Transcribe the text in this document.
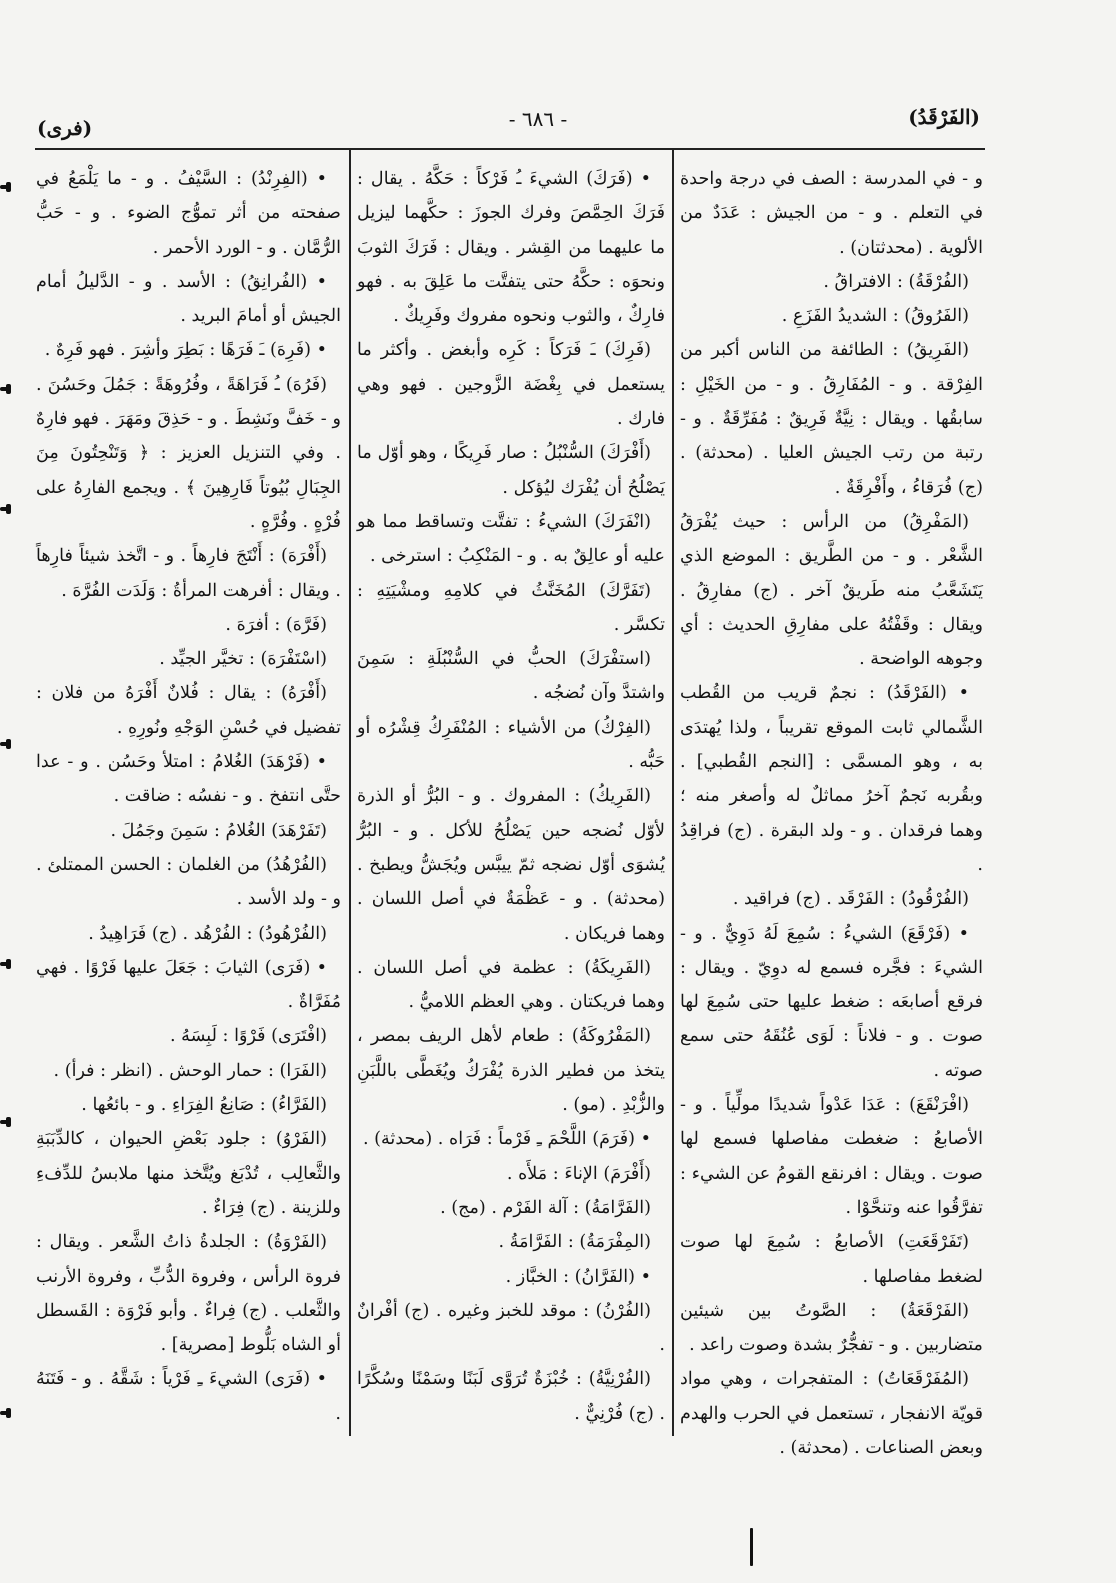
(الفَرْقَدُ)
- ٦٨٦ -
(فرى)

و - في المدرسة : الصف في درجة واحدة في التعلم . و - من الجيش : عَدَدٌ من الألوية . (محدثتان) .

(الفُرْقَةُ) : الافتراقُ .

(الفَرُوقُ) : الشديدُ الفَزَعِ .

(الفَرِيقُ) : الطائفة من الناس أكبر من الفِرْقة . و - المُفَارِقُ . و - من الخَيْلِ : سابقُها . ويقال : نِيَّةٌ فَرِيقٌ : مُفَرِّقَةٌ . و - رتبة من رتب الجيش العليا . (محدثة) . (ج) فُرَقاءُ ، وأَفْرِقَةٌ .

(المَفْرِقُ) من الرأس : حيث يُفْرَقُ الشَّعْر . و - من الطَّريق : الموضع الذي يَتَشَعَّبُ منه طَريقٌ آخر . (ج) مفارِقُ . ويقال : وقَفْتُهُ على مفارِقِ الحديث : أي وجوهه الواضحة .

• (الفَرْقَدُ) : نجمٌ قريب من القُطب الشَّمالي ثابت الموقع تقريباً ، ولذا يُهتدَى به ، وهو المسمَّى : [النجم القُطبي] . وبقُربه نَجمٌ آخرُ مماثلٌ له وأصغر منه ؛ وهما فرقدان . و - ولد البقرة . (ج) فراقِدُ .

(الفُرْقُودُ) : الفَرْقَد . (ج) فراقيد .

• (فَرْقَعَ) الشيءُ : سُمِعَ لَهُ دَوِيٌّ . و - الشيءَ : فجَّره فسمع له دوِيّ . ويقال : فرقع أصابعَه : ضغط عليها حتى سُمِعَ لها صوت . و - فلاناً : لَوَى عُنُقَهُ حتى سمع صوته .

(افْرَنْقَعَ) : عَدَا عَدْواً شديدًا مولِّياً . و - الأصابعُ : ضغطت مفاصلها فسمع لها صوت . ويقال : افرنقع القومُ عن الشيء : تفرَّقُوا عنه وتنحَّوْا .

(تَفَرْقَعَتِ) الأصابعُ : سُمِعَ لها صوت لضغط مفاصلها .

(الفَرْقَعَةُ) : الصَّوتُ بين شيئين متضاربين . و - تفجُّرٌ بشدة وصوت راعد .

(المُفَرْقَعَاتُ) : المتفجرات ، وهي مواد قويّة الانفجار ، تستعمل في الحرب والهدم وبعض الصناعات . (محدثة) .

• (فَرَكَ) الشيءَ ـُ فَرْكاً : حَكَّهُ . يقال : فَرَكَ الحِمَّصَ وفرك الجوزَ : حكَّهما ليزيل ما عليهما من القِشر . ويقال : فَرَكَ الثوبَ ونحوَه : حكَّهُ حتى يتفتَّت ما عَلِقَ به . فهو فارِكٌ ، والثوب ونحوه مفروك وفَرِيكٌ .

(فَرِكَ) ـَ فَرَكاً : كَرِه وأبغض . وأكثر ما يستعمل في بِغْضَة الزَّوجين . فهو وهي فارك .

(أَفْرَكَ) السُّنْبُلُ : صار فَرِيكًا ، وهو أوّل ما يَصْلُحُ أن يُفْرَك ليُؤكل .

(انْفَرَكَ) الشيءُ : تفتَّت وتساقط مما هو عليه أو عالِقٌ به . و - المَنْكِبُ : استرخى .

(تَفَرَّكَ) المُخَنَّثُ في كلامِهِ ومشْيَتِهِ : تكسَّر .

(استفْرَكَ) الحبُّ في السُّنْبُلَةِ : سَمِنَ واشتدَّ وآن نُضجُه .

(الفِرْكُ) من الأشياء : المُنْفَرِكُ قِشْرُه أو حَبُّه .

(الفَرِيكُ) : المفروك . و - البُرُّ أو الذرة لأوّل نُضجه حين يَصْلُحُ للأكل . و - البُرُّ يُشوَى أوّل نضجه ثمّ ييبَّس ويُجَشُّ ويطبخ . (محدثة) . و - عَظْمَةٌ في أصل اللسان . وهما فريكان .

(الفَرِيكَةُ) : عظمة في أصل اللسان . وهما فريكتان . وهي العظم اللاميُّ .

(المَفْرُوكَةُ) : طعام لأهل الريف بمصر ، يتخذ من فطير الذرة يُفْرَكُ ويُغَطَّى باللَّبَنِ والزُّبْدِ . (مو) .

• (فَرَمَ) اللَّحْمَ ـِ فَرْماً : فَرَاه . (محدثة) .

(أَفْرَمَ) الإناءَ : مَلأَه .

(الفَرَّامَةُ) : آلة الفَرْم . (مج) .

(المِفْرَمَةُ) : الفَرَّامَةُ .

• (الفَرَّانُ) : الخبَّاز .

(الفُرْنُ) : موقد للخبز وغيره . (ج) أفْرانٌ .

(الفُرْنِيَّةُ) : خُبْزَةٌ تُرَوَّى لَبَنًا وسَمْنًا وسُكَّرًا . (ج) فُرْنِيٌّ .

• (الفِرِنْدُ) : السَّيْفُ . و - ما يَلْمَعُ في صفحته من أثر تموُّج الضوء . و - حَبُّ الرُّمَّان . و - الورد الأحمر .

• (الفُرانِقُ) : الأسد . و - الدَّليلُ أمام الجيش أو أمامَ البريد .

• (فَرِهَ) ـَ فَرَهًا : بَطِرَ وأشِرَ . فهو فَرِهٌ .

(فَرُهَ) ـُ فَرَاهَةً ، وفُرُوهَةً : جَمُلَ وحَسُنَ . و - خَفَّ ونَشِطَ . و - حَذِقَ ومَهَرَ . فهو فارِهٌ . وفي التنزيل العزيز : ﴿ وَتَنْحِتُونَ مِنَ الجِبَالِ بُيُوتاً فَارِهِينَ ﴾ . ويجمع الفارِهُ على فُرْهٍ . وفُرَّهٍ .

(أَفْرَهَ) : أَنْتَجَ فارِهاً . و - اتَّخذ شيئاً فارِهاً . ويقال : أفرهت المرأةُ : وَلَدَت الفُرَّهَ .

(فَرَّهَ) : أفرَهَ .

(اسْتَفْرَهَ) : تخيَّر الجيِّد .

(أَفْرَهُ) : يقال : فُلانٌ أَفْرَهُ من فلان : تفضيل في حُسْنِ الوَجْهِ ونُورِهِ .

• (فَرْهَدَ) الغُلامُ : امتلأ وحَسُن . و - عدا حتَّى انتفخ . و - نفسُه : ضاقت .

(تَفَرْهَدَ) الغُلامُ : سَمِنَ وجَمُلَ .

(الفُرْهُدُ) من الغلمان : الحسن الممتلئ . و - ولد الأسد .

(الفُرْهُودُ) : الفُرْهُد . (ج) فَرَاهِيدُ .

• (فَرَى) الثيابَ : جَعَلَ عليها فَرْوًا . فهي مُفَرَّاةٌ .

(افْتَرَى) فَرْوًا : لَبِسَهُ .

(الفَرَا) : حمار الوحش . (انظر : فرأ) .

(الفَرَّاءُ) : صَانِعُ الفِرَاءِ . و - بائعُها .

(الفَرْوُ) : جلود بَعْضِ الحيوان ، كالدِّبَبَةِ والثَّعالِب ، تُدْبَغ ويُتَّخذ منها ملابسُ للدِّفءِ وللزينة . (ج) فِرَاءٌ .

(الفَرْوَةُ) : الجلدةُ ذاتُ الشَّعر . ويقال : فروة الرأس ، وفروة الدُّبِّ ، وفروة الأرنب والثَّعلب . (ج) فِراءٌ . وأبو فَرْوَة : القَسطل أو الشاه بَلُّوط [مصرية] .

• (فَرَى) الشيءَ ـِ فَرْياً : شَقَّهُ . و - فَتَنَهُ .
